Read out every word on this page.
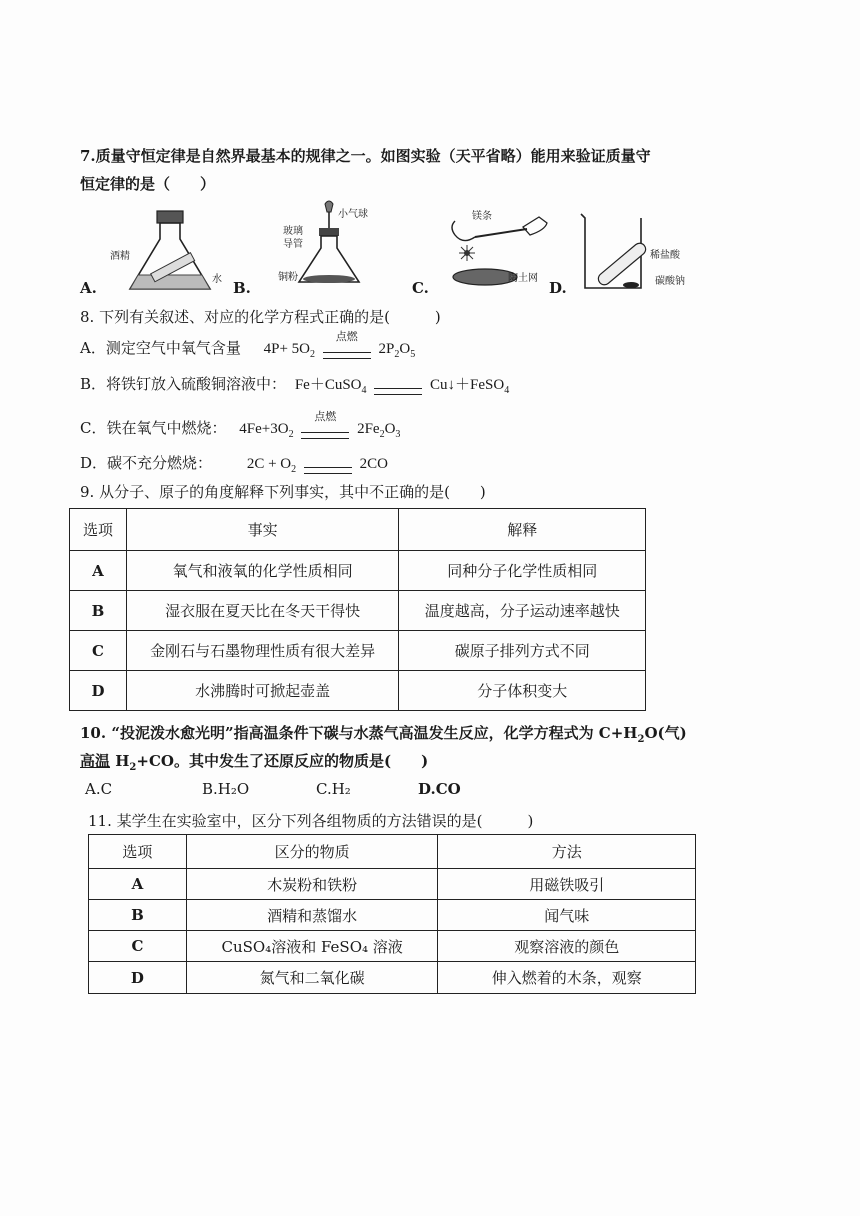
7.质量守恒定律是自然界最基本的规律之一。如图实验（天平省略）能用来验证质量守
恒定律的是（　　）
A.
酒精
水 B.
小气球
玻璃
导管
铜粉
C.
镁条
陶土网
D.
稀盐酸
碳酸钠
8. 下列有关叙述、对应的化学方程式正确的是(　　　)
A．测定空气中氧气含量 $4P+ 5O_2$
点燃
$2P_2O_5$
B．将铁钉放入硫酸铜溶液中： Fe＋CuSO$_4$	Cu↓＋FeSO$_4$
C．铁在氧气中燃烧： $4Fe+3O_2$
点燃
$2Fe_2O_3$
D．碳不充分燃烧： $2C + O_2$	2CO
9. 从分子、原子的角度解释下列事实，其中不正确的是(　　)
选项	事实	解释
A	氧气和液氧的化学性质相同	同种分子化学性质相同
B	湿衣服在夏天比在冬天干得快	温度越高，分子运动速率越快
C	金刚石与石墨物理性质有很大差异	碳原子排列方式不同
D	水沸腾时可掀起壶盖	分子体积变大
10. “投泥泼水愈光明”指高温条件下碳与水蒸气高温发生反应，化学方程式为 $C+H_2O$(气)
高温 $H_2+CO$。其中发生了还原反应的物质是(　　)
A.C	B.H₂O	C.H₂	D.CO
11. 某学生在实验室中，区分下列各组物质的方法错误的是(　　　)
选项	区分的物质	方法
A	木炭粉和铁粉	用磁铁吸引
B	酒精和蒸馏水	闻气味
C	CuSO₄溶液和 FeSO₄ 溶液	观察溶液的颜色
D	氮气和二氧化碳	伸入燃着的木条，观察
